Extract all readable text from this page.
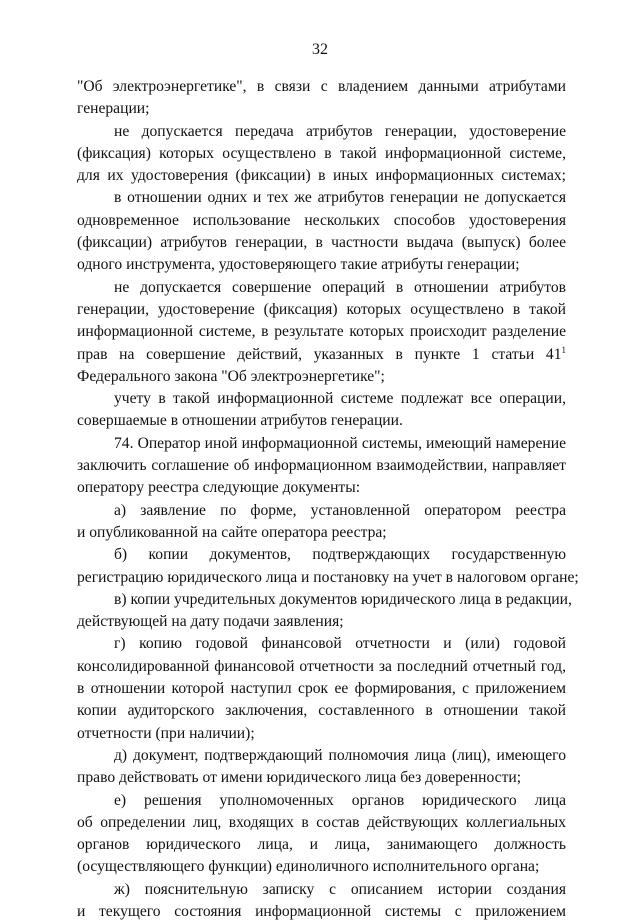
32
"Об электроэнергетике", в связи с владением данными атрибутами
генерации;
не допускается передача атрибутов генерации, удостоверение
(фиксация) которых осуществлено в такой информационной системе,
для их удостоверения (фиксации) в иных информационных системах;
в отношении одних и тех же атрибутов генерации не допускается
одновременное использование нескольких способов удостоверения
(фиксации) атрибутов генерации, в частности выдача (выпуск) более
одного инструмента, удостоверяющего такие атрибуты генерации;
не допускается совершение операций в отношении атрибутов
генерации, удостоверение (фиксация) которых осуществлено в такой
информационной системе, в результате которых происходит разделение
прав на совершение действий, указанных в пункте 1 статьи 41$^1$
Федерального закона "Об электроэнергетике";
учету в такой информационной системе подлежат все операции,
совершаемые в отношении атрибутов генерации.
74. Оператор иной информационной системы, имеющий намерение
заключить соглашение об информационном взаимодействии, направляет
оператору реестра следующие документы:
а) заявление по форме, установленной оператором реестра
и опубликованной на сайте оператора реестра;
б) копии документов, подтверждающих государственную
регистрацию юридического лица и постановку на учет в налоговом органе;
в) копии учредительных документов юридического лица в редакции,
действующей на дату подачи заявления;
г) копию годовой финансовой отчетности и (или) годовой
консолидированной финансовой отчетности за последний отчетный год,
в отношении которой наступил срок ее формирования, с приложением
копии аудиторского заключения, составленного в отношении такой
отчетности (при наличии);
д) документ, подтверждающий полномочия лица (лиц), имеющего
право действовать от имени юридического лица без доверенности;
е) решения уполномоченных органов юридического лица
об определении лиц, входящих в состав действующих коллегиальных
органов юридического лица, и лица, занимающего должность
(осуществляющего функции) единоличного исполнительного органа;
ж) пояснительную записку с описанием истории создания
и текущего состояния информационной системы с приложением
